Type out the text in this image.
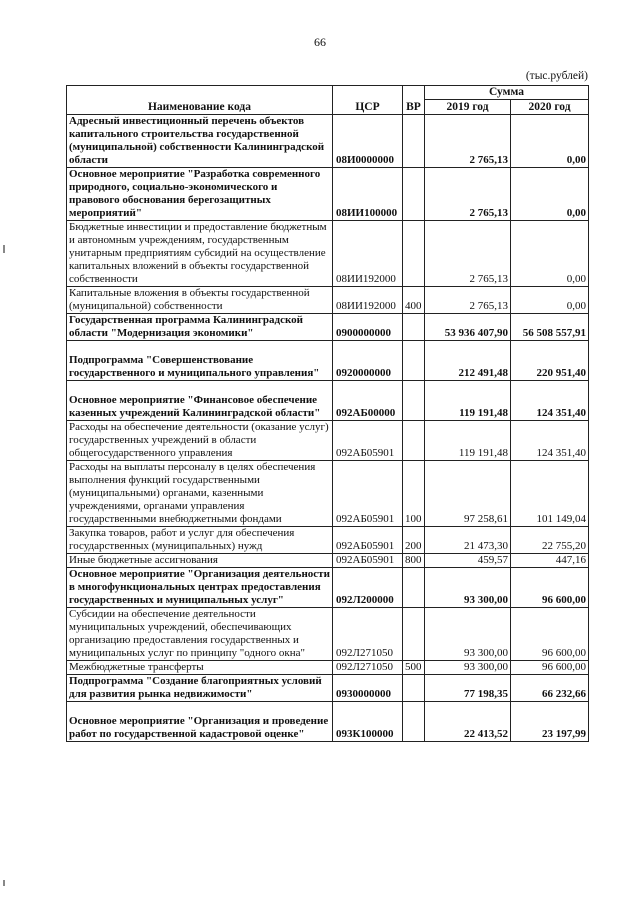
66
(тыс.рублей)
Наименование кода	ЦСР	ВР	Сумма	
			2019 год	2020 год
Адресный инвестиционный перечень объектов капитального строительства государственной (муниципальной) собственности Калининградской области	08И0000000		2 765,13	0,00
Основное мероприятие "Разработка современного природного, социально-экономического и правового обоснования берегозащитных мероприятий"	08ИИ100000		2 765,13	0,00
Бюджетные инвестиции и предоставление бюджетным и автономным учреждениям, государственным унитарным предприятиям субсидий на осуществление капитальных вложений в объекты государственной собственности	08ИИ192000		2 765,13	0,00
Капитальные вложения в объекты государственной (муниципальной) собственности	08ИИ192000	400	2 765,13	0,00
Государственная программа Калининградской области "Модернизация экономики"	0900000000		53 936 407,90	56 508 557,91
Подпрограмма "Совершенствование государственного и муниципального управления"	0920000000		212 491,48	220 951,40
Основное мероприятие "Финансовое обеспечение казенных учреждений Калининградской области"	092АБ00000		119 191,48	124 351,40
Расходы на обеспечение деятельности (оказание услуг) государственных учреждений в области общегосударственного управления	092АБ05901		119 191,48	124 351,40
Расходы на выплаты персоналу в целях обеспечения выполнения функций государственными (муниципальными) органами, казенными учреждениями, органами управления государственными внебюджетными фондами	092АБ05901	100	97 258,61	101 149,04
Закупка товаров, работ и услуг для обеспечения государственных (муниципальных) нужд	092АБ05901	200	21 473,30	22 755,20
Иные бюджетные ассигнования	092АБ05901	800	459,57	447,16
Основное мероприятие "Организация деятельности в многофункциональных центрах предоставления государственных и муниципальных услуг"	092Л200000		93 300,00	96 600,00
Субсидии на обеспечение деятельности муниципальных учреждений, обеспечивающих организацию предоставления государственных и муниципальных услуг по принципу "одного окна"	092Л271050		93 300,00	96 600,00
Межбюджетные трансферты	092Л271050	500	93 300,00	96 600,00
Подпрограмма "Создание благоприятных условий для развития рынка недвижимости"	0930000000		77 198,35	66 232,66
Основное мероприятие "Организация и проведение работ по государственной кадастровой оценке"	093К100000		22 413,52	23 197,99
